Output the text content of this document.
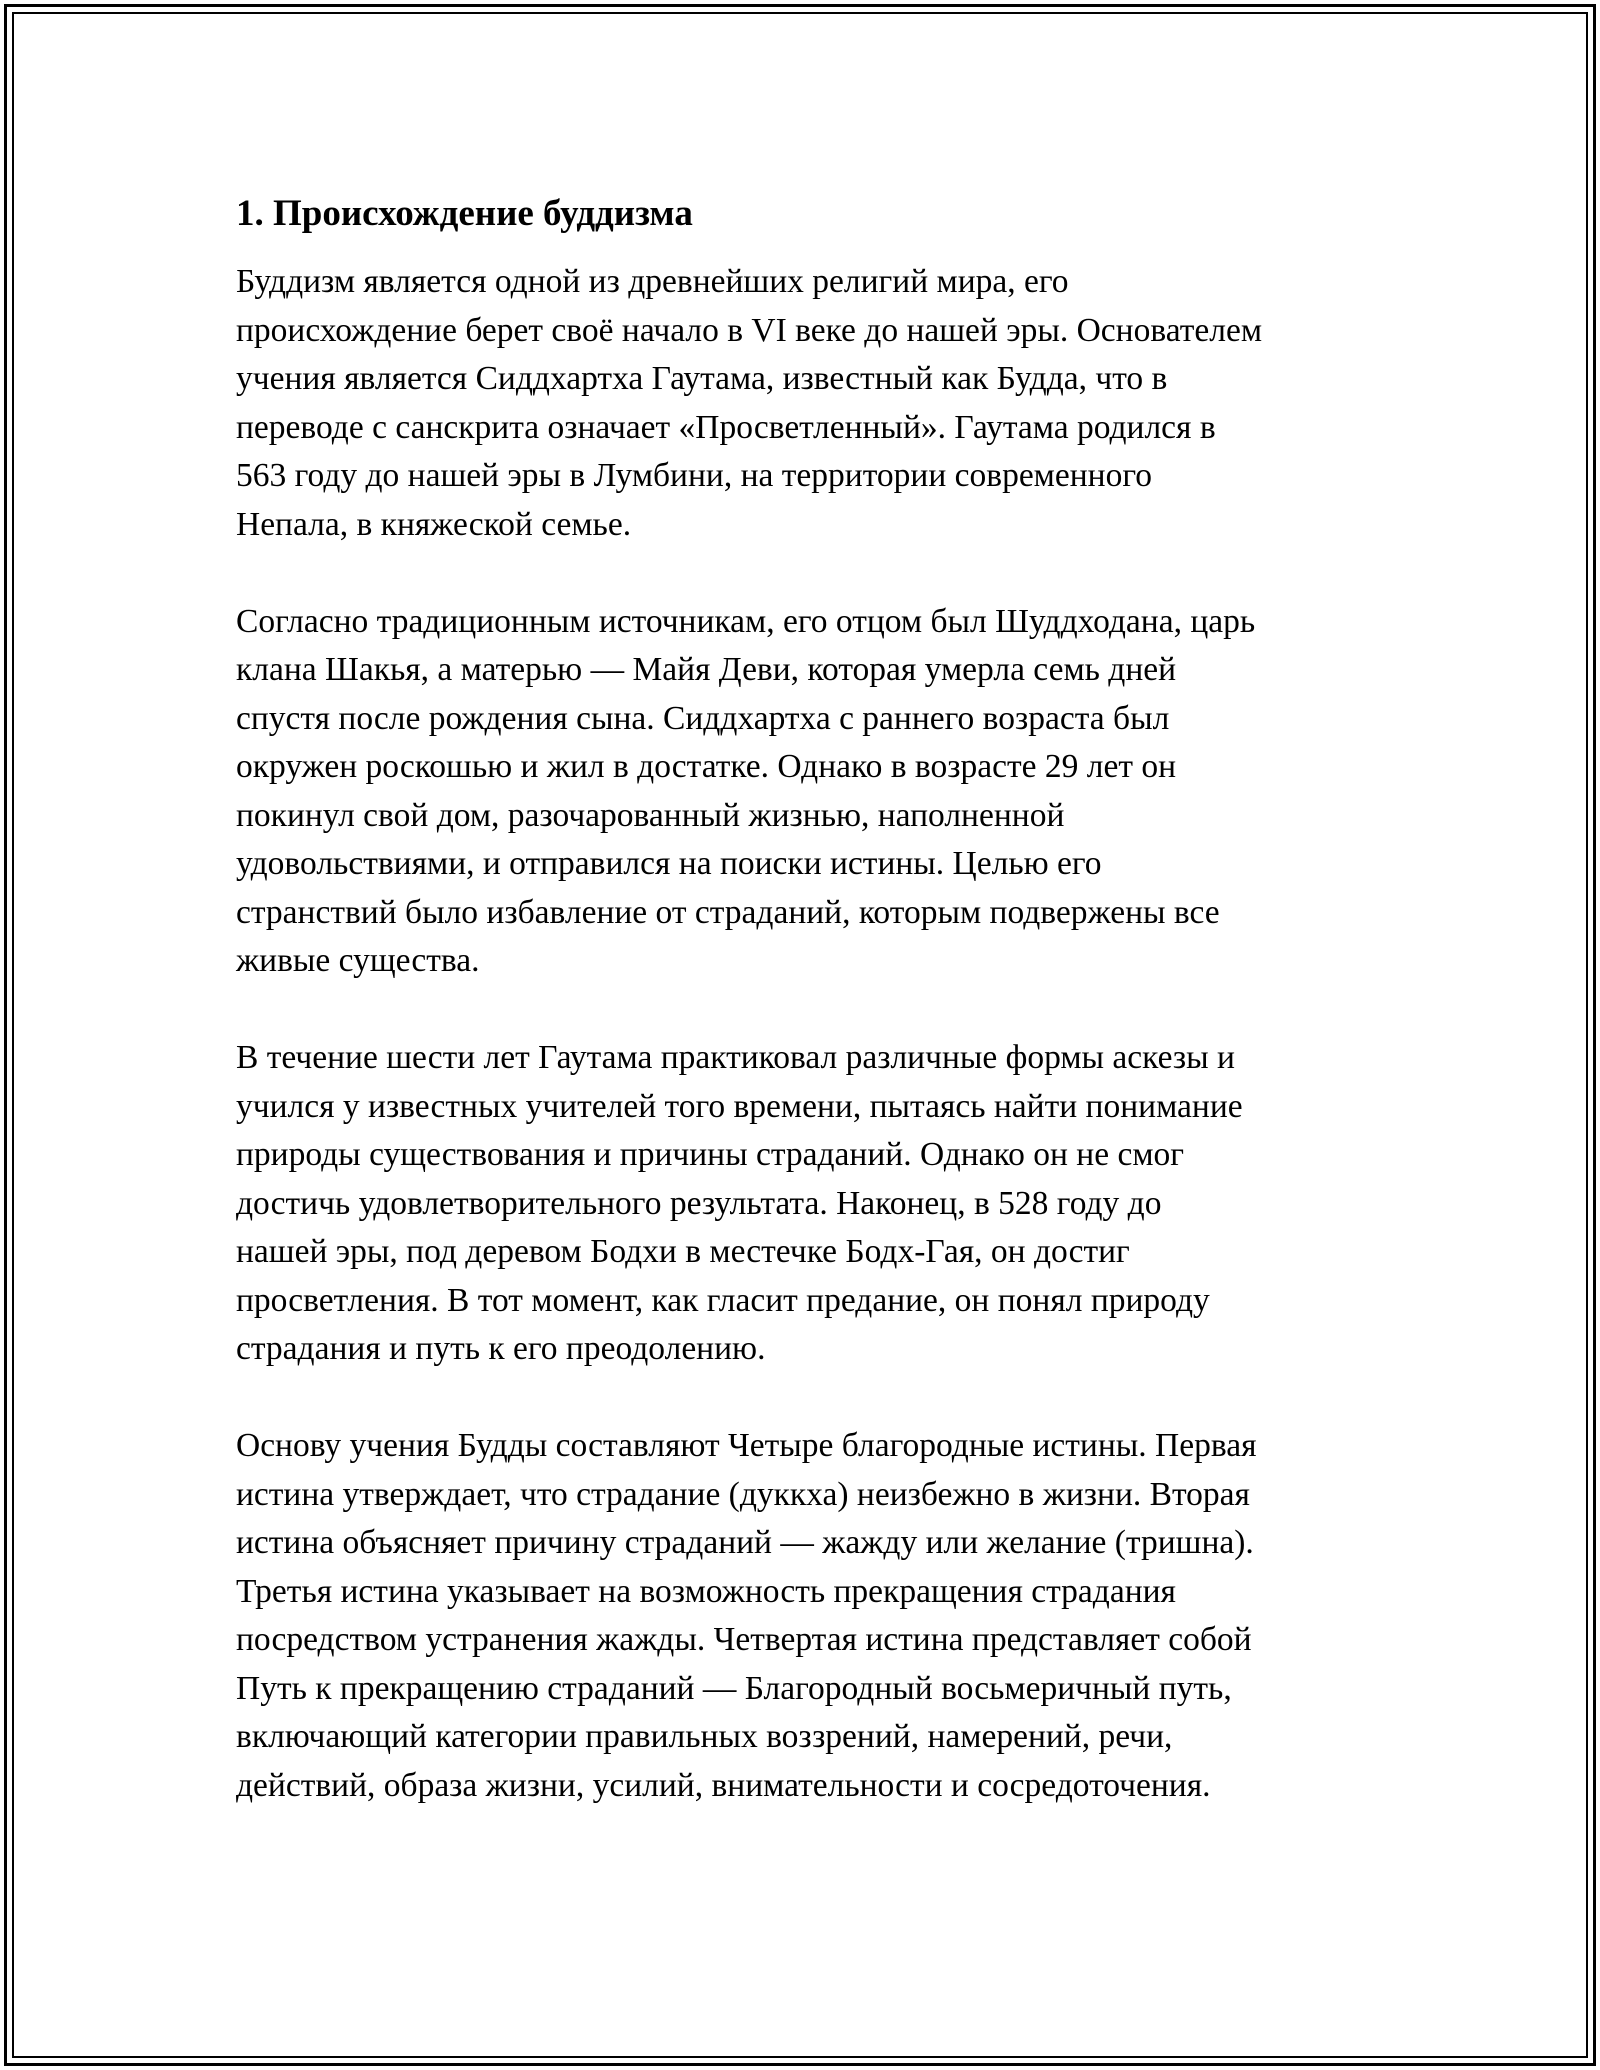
1. Происхождение буддизма

Буддизм является одной из древнейших религий мира, его
происхождение берет своё начало в VI веке до нашей эры. Основателем
учения является Сиддхартха Гаутама, известный как Будда, что в
переводе с санскрита означает «Просветленный». Гаутама родился в
563 году до нашей эры в Лумбини, на территории современного
Непала, в княжеской семье.

Согласно традиционным источникам, его отцом был Шуддходана, царь
клана Шакья, а матерью — Майя Деви, которая умерла семь дней
спустя после рождения сына. Сиддхартха с раннего возраста был
окружен роскошью и жил в достатке. Однако в возрасте 29 лет он
покинул свой дом, разочарованный жизнью, наполненной
удовольствиями, и отправился на поиски истины. Целью его
странствий было избавление от страданий, которым подвержены все
живые существа.

В течение шести лет Гаутама практиковал различные формы аскезы и
учился у известных учителей того времени, пытаясь найти понимание
природы существования и причины страданий. Однако он не смог
достичь удовлетворительного результата. Наконец, в 528 году до
нашей эры, под деревом Бодхи в местечке Бодх-Гая, он достиг
просветления. В тот момент, как гласит предание, он понял природу
страдания и путь к его преодолению.

Основу учения Будды составляют Четыре благородные истины. Первая
истина утверждает, что страдание (дуккха) неизбежно в жизни. Вторая
истина объясняет причину страданий — жажду или желание (тришна).
Третья истина указывает на возможность прекращения страдания
посредством устранения жажды. Четвертая истина представляет собой
Путь к прекращению страданий — Благородный восьмеричный путь,
включающий категории правильных воззрений, намерений, речи,
действий, образа жизни, усилий, внимательности и сосредоточения.
